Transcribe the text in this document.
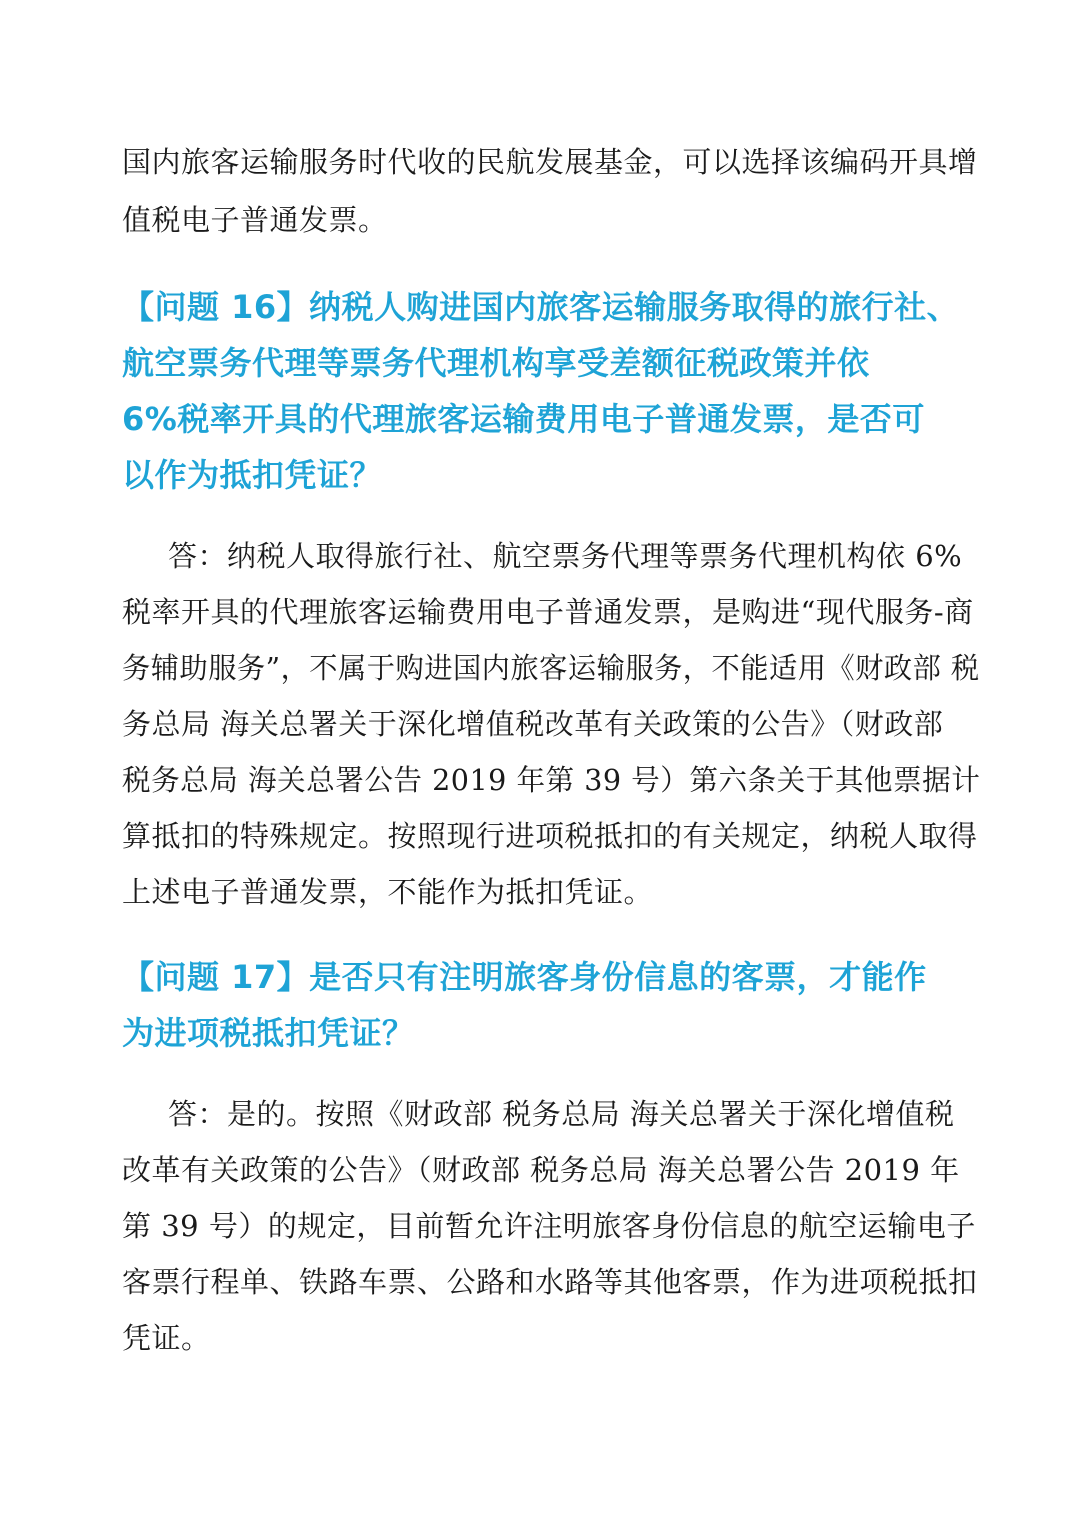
国内旅客运输服务时代收的民航发展基金，可以选择该编码开具增

值税电子普通发票。

【问题 16】纳税人购进国内旅客运输服务取得的旅行社、

航空票务代理等票务代理机构享受差额征税政策并依

6%税率开具的代理旅客运输费用电子普通发票，是否可

以作为抵扣凭证？

答：纳税人取得旅行社、航空票务代理等票务代理机构依 6%

税率开具的代理旅客运输费用电子普通发票，是购进“现代服务-商

务辅助服务”，不属于购进国内旅客运输服务，不能适用《财政部 税

务总局 海关总署关于深化增值税改革有关政策的公告》（财政部

税务总局 海关总署公告 2019 年第 39 号）第六条关于其他票据计

算抵扣的特殊规定。按照现行进项税抵扣的有关规定，纳税人取得

上述电子普通发票，不能作为抵扣凭证。

【问题 17】是否只有注明旅客身份信息的客票，才能作

为进项税抵扣凭证？

答：是的。按照《财政部 税务总局 海关总署关于深化增值税

改革有关政策的公告》（财政部 税务总局 海关总署公告 2019 年

第 39 号）的规定，目前暂允许注明旅客身份信息的航空运输电子

客票行程单、铁路车票、公路和水路等其他客票，作为进项税抵扣

凭证。
